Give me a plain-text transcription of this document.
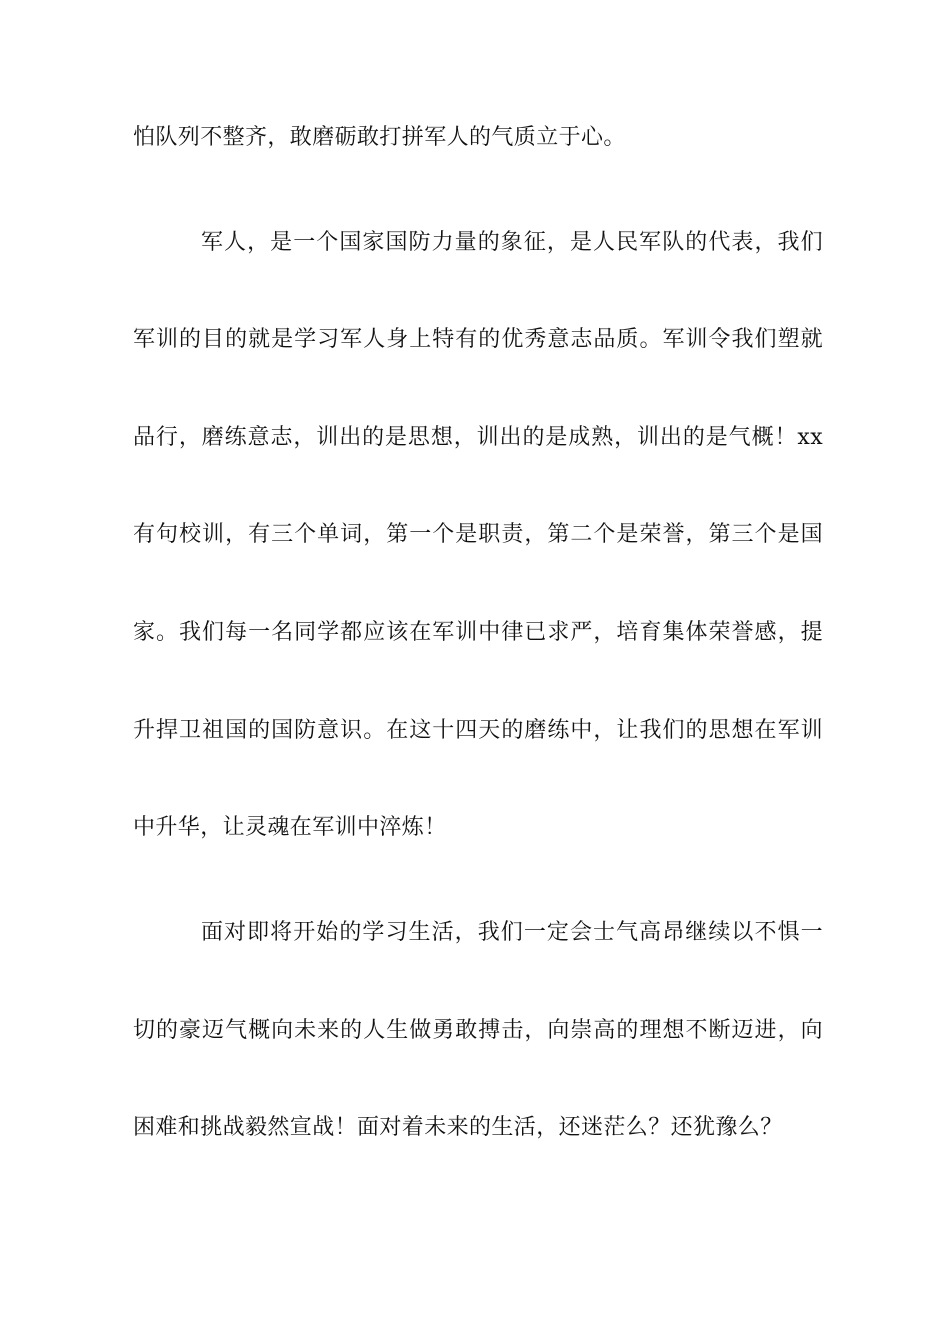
怕队列不整齐，敢磨砺敢打拼军人的气质立于心。
军人，是一个国家国防力量的象征，是人民军队的代表，我们
军训的目的就是学习军人身上特有的优秀意志品质。军训令我们塑就
品行，磨练意志，训出的是思想，训出的是成熟，训出的是气概！xx
有句校训，有三个单词，第一个是职责，第二个是荣誉，第三个是国
家。我们每一名同学都应该在军训中律已求严，培育集体荣誉感，提
升捍卫祖国的国防意识。在这十四天的磨练中，让我们的思想在军训
中升华，让灵魂在军训中淬炼！
面对即将开始的学习生活，我们一定会士气高昂继续以不惧一
切的豪迈气概向未来的人生做勇敢搏击，向崇高的理想不断迈进，向
困难和挑战毅然宣战！面对着未来的生活，还迷茫么？还犹豫么？
